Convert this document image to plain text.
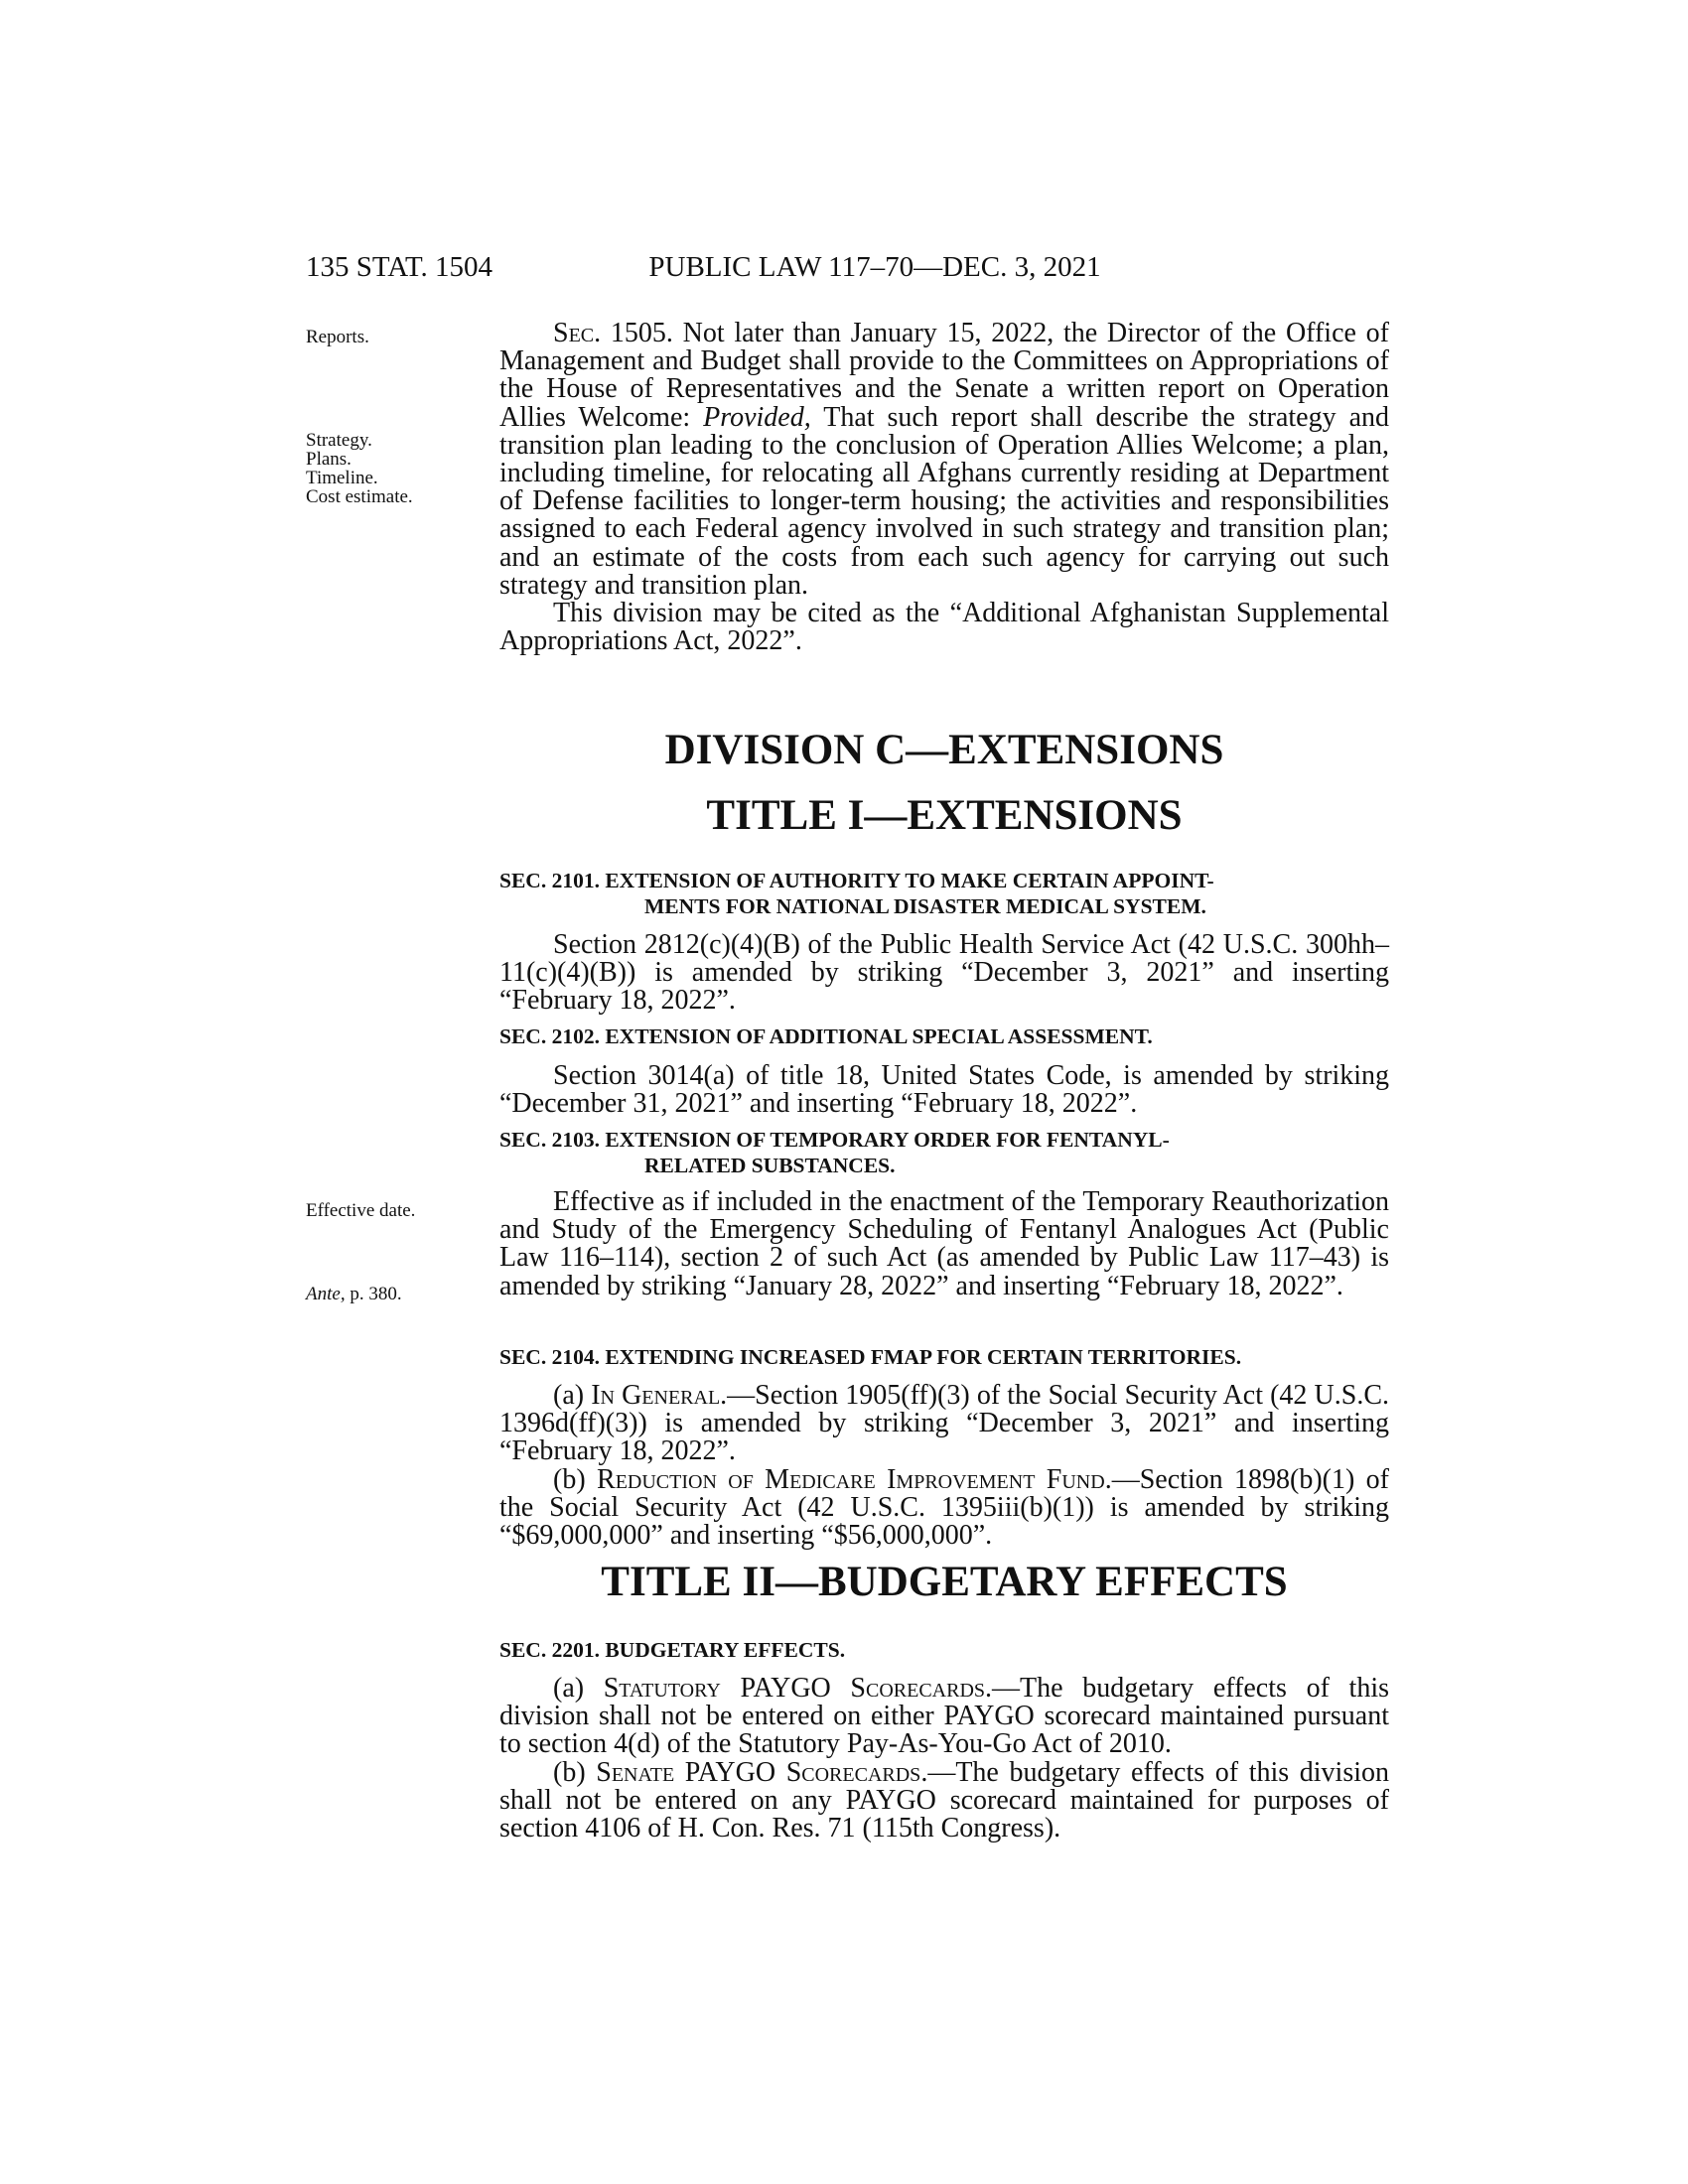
135 STAT. 1504	PUBLIC LAW 117–70—DEC. 3, 2021
Reports.
Strategy.
Plans.
Timeline.
Cost estimate.
Effective date.
Ante, p. 380.

Sec. 1505. Not later than January 15, 2022, the Director of the Office of Management and Budget shall provide to the Committees on Appropriations of the House of Representatives and the Senate a written report on Operation Allies Welcome: Provided, That such report shall describe the strategy and transition plan leading to the conclusion of Operation Allies Welcome; a plan, including timeline, for relocating all Afghans currently residing at Department of Defense facilities to longer-term housing; the activities and responsibilities assigned to each Federal agency involved in such strategy and transition plan; and an estimate of the costs from each such agency for carrying out such strategy and transition plan.

This division may be cited as the “Additional Afghanistan Supplemental Appropriations Act, 2022”.

DIVISION C—EXTENSIONS
TITLE I—EXTENSIONS
SEC. 2101. EXTENSION OF AUTHORITY TO MAKE CERTAIN APPOINT-
MENTS FOR NATIONAL DISASTER MEDICAL SYSTEM.

Section 2812(c)(4)(B) of the Public Health Service Act (42 U.S.C. 300hh–11(c)(4)(B)) is amended by striking “December 3, 2021” and inserting “February 18, 2022”.

SEC. 2102. EXTENSION OF ADDITIONAL SPECIAL ASSESSMENT.

Section 3014(a) of title 18, United States Code, is amended by striking “December 31, 2021” and inserting “February 18, 2022”.

SEC. 2103. EXTENSION OF TEMPORARY ORDER FOR FENTANYL-
RELATED SUBSTANCES.

Effective as if included in the enactment of the Temporary Reauthorization and Study of the Emergency Scheduling of Fentanyl Analogues Act (Public Law 116–114), section 2 of such Act (as amended by Public Law 117–43) is amended by striking “January 28, 2022” and inserting “February 18, 2022”.

SEC. 2104. EXTENDING INCREASED FMAP FOR CERTAIN TERRITORIES.

(a) In General.—Section 1905(ff)(3) of the Social Security Act (42 U.S.C. 1396d(ff)(3)) is amended by striking “December 3, 2021” and inserting “February 18, 2022”.

(b) Reduction of Medicare Improvement Fund.—Section 1898(b)(1) of the Social Security Act (42 U.S.C. 1395iii(b)(1)) is amended by striking “$69,000,000” and inserting “$56,000,000”.

TITLE II—BUDGETARY EFFECTS
SEC. 2201. BUDGETARY EFFECTS.

(a) Statutory PAYGO Scorecards.—The budgetary effects of this division shall not be entered on either PAYGO scorecard maintained pursuant to section 4(d) of the Statutory Pay-As-You-Go Act of 2010.

(b) Senate PAYGO Scorecards.—The budgetary effects of this division shall not be entered on any PAYGO scorecard maintained for purposes of section 4106 of H. Con. Res. 71 (115th Congress).
